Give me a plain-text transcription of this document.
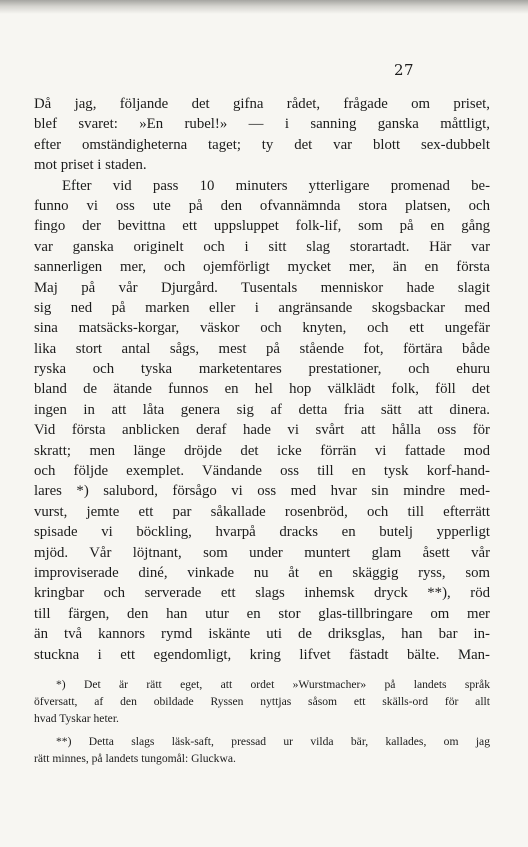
27
Då jag, följande det gifna rådet, frågade om priset,
blef svaret: »En rubel!» — i sanning ganska måttligt,
efter omständigheterna taget; ty det var blott sex-dubbelt
mot priset i staden.
Efter vid pass 10 minuters ytterligare promenad be-
funno vi oss ute på den ofvannämnda stora platsen, och
fingo der bevittna ett uppsluppet folk-lif, som på en gång
var ganska originelt och i sitt slag storartadt. Här var
sannerligen mer, och ojemförligt mycket mer, än en första
Maj på vår Djurgård. Tusentals menniskor hade slagit
sig ned på marken eller i angränsande skogsbackar med
sina matsäcks-korgar, väskor och knyten, och ett ungefär
lika stort antal sågs, mest på stående fot, förtära både
ryska och tyska marketentares prestationer, och ehuru
bland de ätande funnos en hel hop välklädt folk, föll det
ingen in att låta genera sig af detta fria sätt att dinera.
Vid första anblicken deraf hade vi svårt att hålla oss för
skratt; men länge dröjde det icke förrän vi fattade mod
och följde exemplet. Vändande oss till en tysk korf-hand-
lares *) salubord, försågo vi oss med hvar sin mindre med-
vurst, jemte ett par såkallade rosenbröd, och till efterrätt
spisade vi böckling, hvarpå dracks en butelj ypperligt
mjöd. Vår löjtnant, som under muntert glam åsett vår
improviserade diné, vinkade nu åt en skäggig ryss, som
kringbar och serverade ett slags inhemsk dryck **), röd
till färgen, den han utur en stor glas-tillbringare om mer
än två kannors rymd iskänte uti de driksglas, han bar in-
stuckna i ett egendomligt, kring lifvet fästadt bälte. Man-
*) Det är rätt eget, att ordet »Wurstmacher» på landets språk
öfversatt, af den obildade Ryssen nyttjas såsom ett skälls-ord för allt
hvad Tyskar heter.
**) Detta slags läsk-saft, pressad ur vilda bär, kallades, om jag
rätt minnes, på landets tungomål: Gluckwa.
